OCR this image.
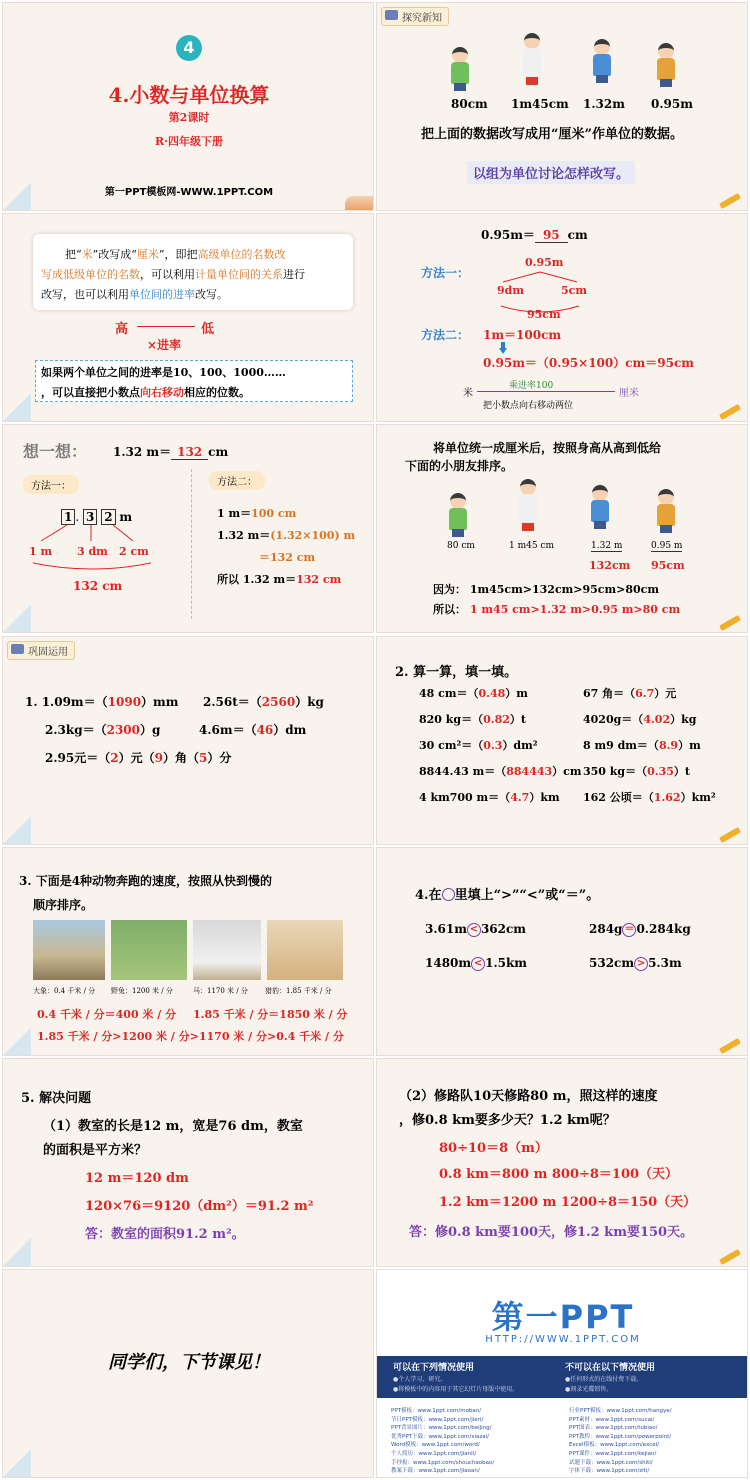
4
4.小数与单位换算
第2课时
R·四年级下册
第一PPT模板网-WWW.1PPT.COM
探究新知
80cm 1m45cm 1.32m 0.95m
把上面的数据改写成用“厘米”作单位的数据。
以组为单位讨论怎样改写。
把“米”改写成“厘米”，即把高级单位的名数改
写成低级单位的名数，可以利用计量单位间的关系进行
改写，也可以利用单位间的进率改写。
高	低
×进率
如果两个单位之间的进率是10、100、1000……
，可以直接把小数点向右移动相应的位数。
0.95m＝ 95 cm
方法一：
0.95m
9dm	5cm
95cm
方法二： 1m＝100cm
0.95m＝（0.95×100）cm＝95cm
米
乘进率100
厘米
把小数点向右移动两位
想一想： 1.32 m＝ 132 cm
方法一：
1 . 3 2 m
1 m 3 dm 2 cm
132 cm
方法二：
1 m＝100 cm
1.32 m＝(1.32×100) m
＝132 cm
所以 1.32 m＝132 cm
将单位统一成厘米后，按照身高从高到低给
下面的小朋友排序。
80 cm	1 m45 cm	1.32 m	0.95 m
132cm 95cm
因为： 1m45cm>132cm>95cm>80cm
所以： 1 m45 cm>1.32 m>0.95 m>80 cm
巩固运用
1. 1.09m＝（1090）mm 2.56t＝（2560）kg
2.3kg＝（2300）g	4.6m＝（46）dm
2.95元＝（2）元（9）角（5）分
2. 算一算，填一填。
48 cm＝（0.48）m	67 角＝（6.7）元
820 kg＝（0.82）t	4020g＝（4.02）kg
30 cm²＝（0.3）dm²	8 m9 dm＝（8.9）m
8844.43 m＝（884443）cm 350 kg＝（0.35）t
4 km700 m＝（4.7）km 162 公顷＝（1.62）km²
3. 下面是4种动物奔跑的速度，按照从快到慢的
顺序排序。
大象：0.4 千米 / 分 野兔：1200 米 / 分	马：1170 米 / 分 猎豹：1.85 千米 / 分
0.4 千米 / 分＝400 米 / 分 1.85 千米 / 分＝1850 米 / 分
1.85 千米 / 分>1200 米 / 分>1170 米 / 分>0.4 千米 / 分
4.在 里填上“>”“<”或“＝”。
3.61m < 362cm	284g ＝ 0.284kg
1480m < 1.5km	532cm > 5.3m
5. 解决问题
（1）教室的长是12 m，宽是76 dm，教室
的面积是平方米？
12 m＝120 dm
120×76＝9120（dm²）＝91.2 m²
答：教室的面积91.2 m²。
（2）修路队10天修路80 m，照这样的速度
，修0.8 km要多少天？1.2 km呢？
80÷10＝8（m）
0.8 km＝800 m 800÷8＝100（天）
1.2 km＝1200 m 1200÷8＝150（天）
答：修0.8 km要100天，修1.2 km要150天。
同学们，下节课见！
第一PPT
HTTP://WWW.1PPT.COM
可以在下列情况使用
●个人学习、研究。
●将模板中的内容用于其它幻灯片母版中使用。
不可以在以下情况使用
●任何形式的在线付费下载。
●刻录光碟销售。
PPT模板：www.1ppt.com/moban/
节日PPT模板：www.1ppt.com/jieri/
PPT背景图片：www.1ppt.com/beijing/
优秀PPT下载：www.1ppt.com/xiazai/
Word模板：www.1ppt.com/word/
个人简历：www.1ppt.com/jianli/
手抄报：www.1ppt.com/shouchaobao/
教案下载：www.1ppt.com/jiaoan/
行业PPT模板：www.1ppt.com/hangye/
PPT素材：www.1ppt.com/sucai/
PPT图表：www.1ppt.com/tubiao/
PPT教程：www.1ppt.com/powerpoint/
Excel模板：www.1ppt.com/excel/
PPT课件：www.1ppt.com/kejian/
试题下载：www.1ppt.com/shiti/
字体下载：www.1ppt.com/ziti/
